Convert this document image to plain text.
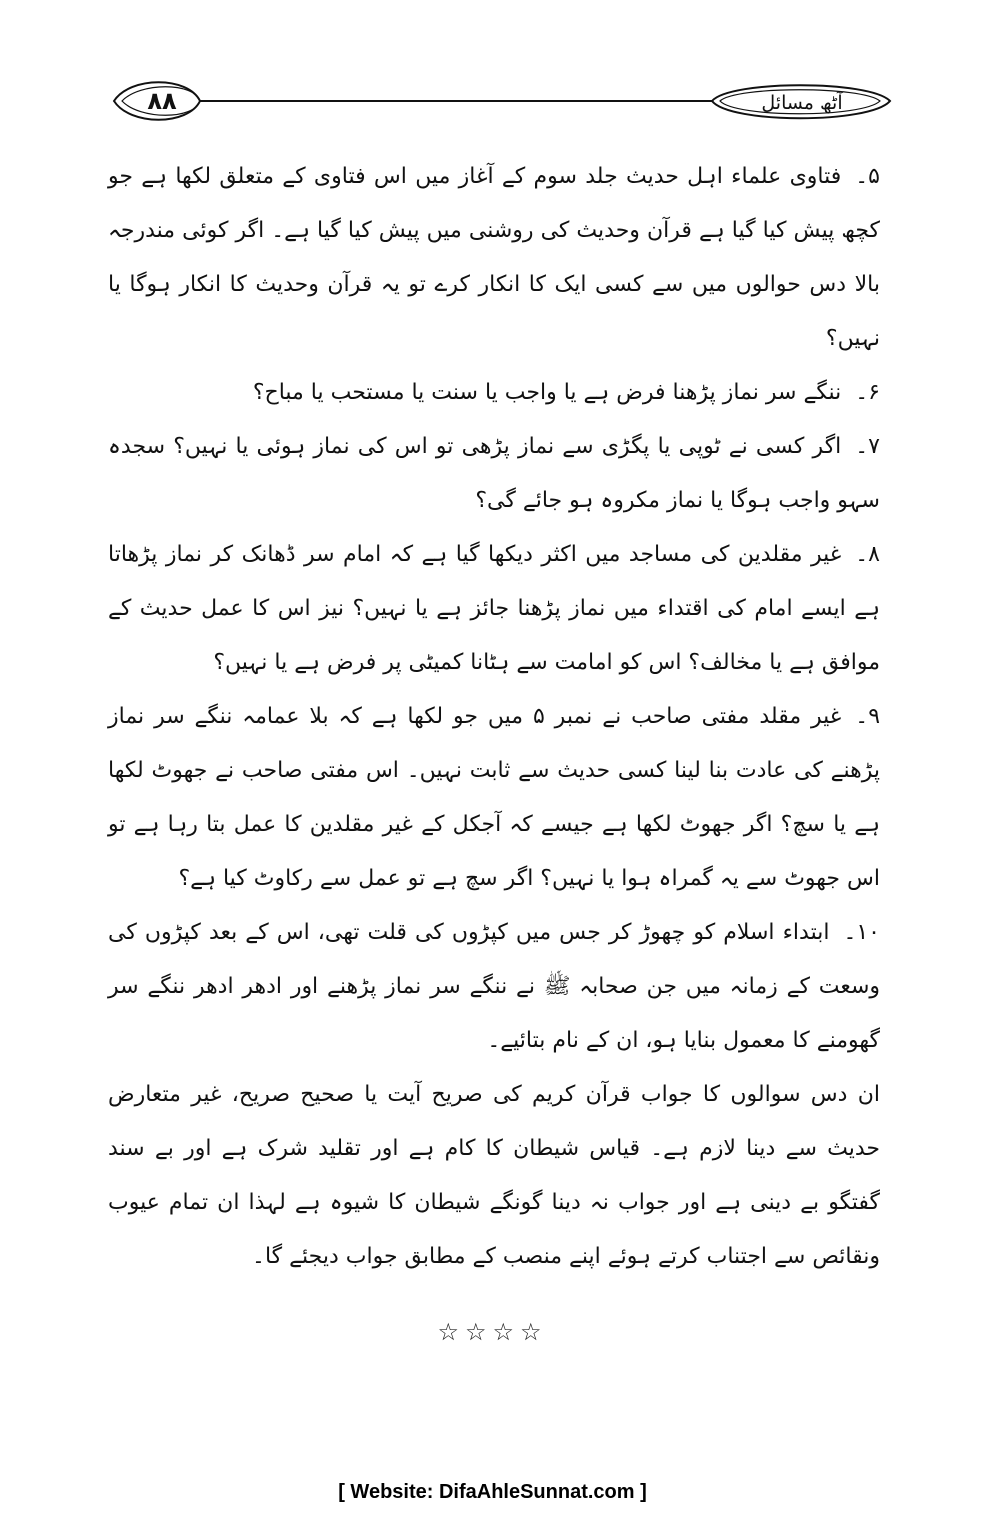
۸۸	آٹھ مسائل

۵۔فتاوی علماء اہل حدیث جلد سوم کے آغاز میں اس فتاوی کے متعلق لکھا ہے جو کچھ پیش کیا گیا ہے قرآن وحدیث کی روشنی میں پیش کیا گیا ہے۔ اگر کوئی مندرجہ بالا دس حوالوں میں سے کسی ایک کا انکار کرے تو یہ قرآن وحدیث کا انکار ہوگا یا نہیں؟

۶۔ننگے سر نماز پڑھنا فرض ہے یا واجب یا سنت یا مستحب یا مباح؟

۷۔اگر کسی نے ٹوپی یا پگڑی سے نماز پڑھی تو اس کی نماز ہوئی یا نہیں؟ سجدہ سہو واجب ہوگا یا نماز مکروہ ہو جائے گی؟

۸۔غیر مقلدین کی مساجد میں اکثر دیکھا گیا ہے کہ امام سر ڈھانک کر نماز پڑھاتا ہے ایسے امام کی اقتداء میں نماز پڑھنا جائز ہے یا نہیں؟ نیز اس کا عمل حدیث کے موافق ہے یا مخالف؟ اس کو امامت سے ہٹانا کمیٹی پر فرض ہے یا نہیں؟

۹۔غیر مقلد مفتی صاحب نے نمبر ۵ میں جو لکھا ہے کہ بلا عمامہ ننگے سر نماز پڑھنے کی عادت بنا لینا کسی حدیث سے ثابت نہیں۔ اس مفتی صاحب نے جھوٹ لکھا ہے یا سچ؟ اگر جھوٹ لکھا ہے جیسے کہ آجکل کے غیر مقلدین کا عمل بتا رہا ہے تو اس جھوٹ سے یہ گمراہ ہوا یا نہیں؟ اگر سچ ہے تو عمل سے رکاوٹ کیا ہے؟

۱۰۔ابتداء اسلام کو چھوڑ کر جس میں کپڑوں کی قلت تھی، اس کے بعد کپڑوں کی وسعت کے زمانہ میں جن صحابہ ﷺ نے ننگے سر نماز پڑھنے اور ادھر ادھر ننگے سر گھومنے کا معمول بنایا ہو، ان کے نام بتائیے۔

ان دس سوالوں کا جواب قرآن کریم کی صریح آیت یا صحیح صریح، غیر متعارض حدیث سے دینا لازم ہے۔ قیاس شیطان کا کام ہے اور تقلید شرک ہے اور بے سند گفتگو بے دینی ہے اور جواب نہ دینا گونگے شیطان کا شیوہ ہے لہذا ان تمام عیوب ونقائص سے اجتناب کرتے ہوئے اپنے منصب کے مطابق جواب دیجئے گا۔

☆☆☆☆
[ Website: DifaAhleSunnat.com ]
